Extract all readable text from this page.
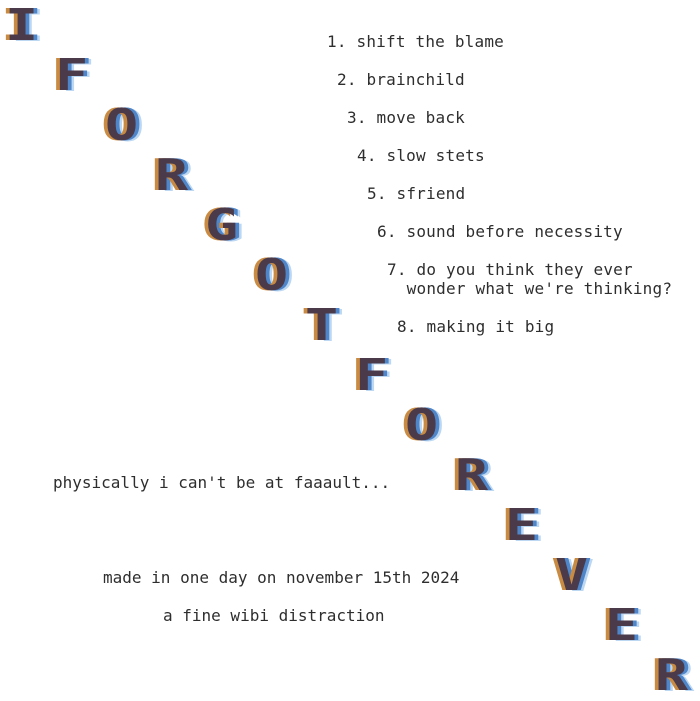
I
F
O
R
G
O
T
F
O
R
E
V
E
R
1. shift the blame
2. brainchild
3. move back
4. slow stets
5. sfriend
6. sound before necessity
7. do you think they ever
wonder what we're thinking?
8. making it big
physically i can't be at faaault...
made in one day on november 15th 2024
a fine wibi distraction
